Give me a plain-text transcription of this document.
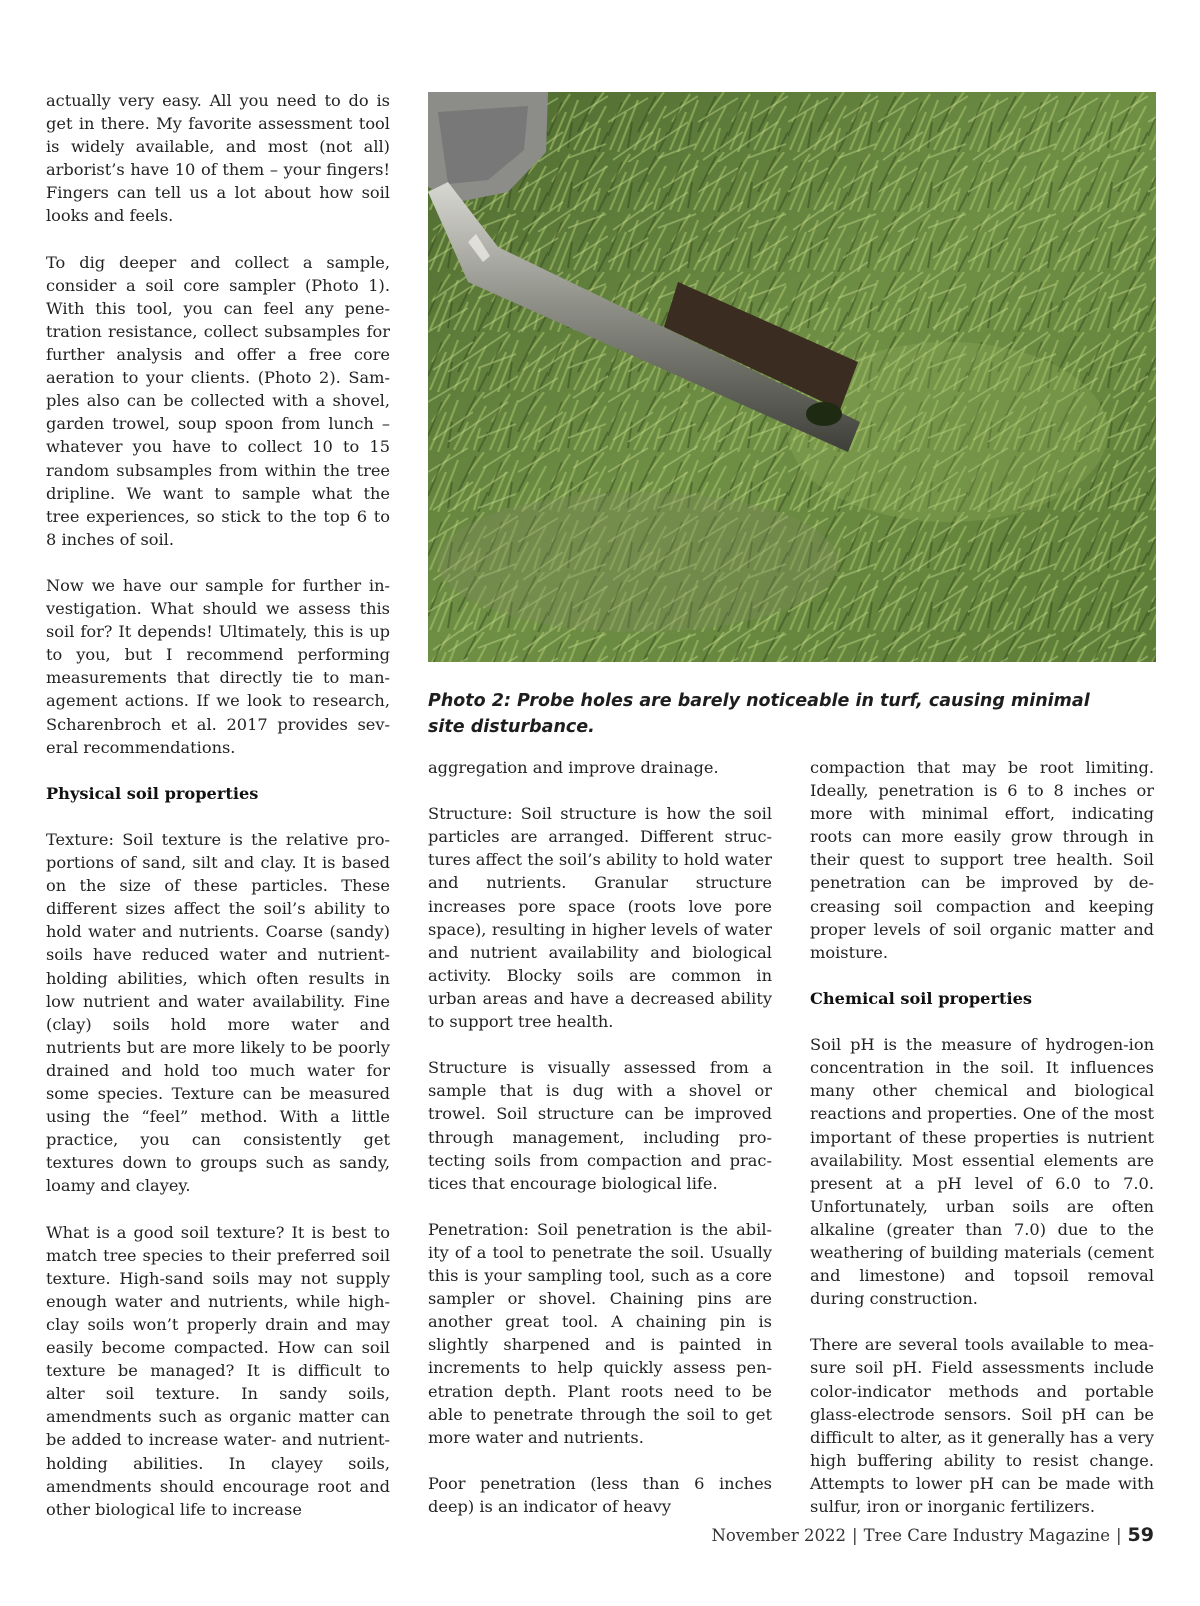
actually very easy. All you need to do is get in there. My favorite assessment tool is widely available, and most (not all) arborist’s have 10 of them – your fingers! Fingers can tell us a lot about how soil looks and feels.

To dig deeper and collect a sample, consider a soil core sampler (Photo 1). With this tool, you can feel any penetration resistance, collect subsamples for further analysis and offer a free core aeration to your clients. (Photo 2). Samples also can be collected with a shovel, garden trowel, soup spoon from lunch – whatever you have to collect 10 to 15 random subsamples from within the tree dripline. We want to sample what the tree experiences, so stick to the top 6 to 8 inches of soil.

Now we have our sample for further investigation. What should we assess this soil for? It depends! Ultimately, this is up to you, but I recommend performing measurements that directly tie to management actions. If we look to research, Scharenbroch et al. 2017 provides several recommendations.

Physical soil properties

Texture: Soil texture is the relative proportions of sand, silt and clay. It is based on the size of these particles. These different sizes affect the soil’s ability to hold water and nutrients. Coarse (sandy) soils have reduced water and nutrient-holding abilities, which often results in low nutrient and water availability. Fine (clay) soils hold more water and nutrients but are more likely to be poorly drained and hold too much water for some species. Texture can be measured using the “feel” method. With a little practice, you can consistently get textures down to groups such as sandy, loamy and clayey.

What is a good soil texture? It is best to match tree species to their preferred soil texture. High-sand soils may not supply enough water and nutrients, while high-clay soils won’t properly drain and may easily become compacted. How can soil texture be managed? It is difficult to alter soil texture. In sandy soils, amendments such as organic matter can be added to increase water- and nutrient-holding abilities. In clayey soils, amendments should encourage root and other biological life to increase

Photo 2: Probe holes are barely noticeable in turf, causing minimal site disturbance.

aggregation and improve drainage.

Structure: Soil structure is how the soil particles are arranged. Different structures affect the soil’s ability to hold water and nutrients. Granular structure increases pore space (roots love pore space), resulting in higher levels of water and nutrient availability and biological activity. Blocky soils are common in urban areas and have a decreased ability to support tree health.

Structure is visually assessed from a sample that is dug with a shovel or trowel. Soil structure can be improved through management, including protecting soils from compaction and practices that encourage biological life.

Penetration: Soil penetration is the ability of a tool to penetrate the soil. Usually this is your sampling tool, such as a core sampler or shovel. Chaining pins are another great tool. A chaining pin is slightly sharpened and is painted in increments to help quickly assess penetration depth. Plant roots need to be able to penetrate through the soil to get more water and nutrients.

Poor penetration (less than 6 inches deep) is an indicator of heavy

compaction that may be root limiting. Ideally, penetration is 6 to 8 inches or more with minimal effort, indicating roots can more easily grow through in their quest to support tree health. Soil penetration can be improved by decreasing soil compaction and keeping proper levels of soil organic matter and moisture.

Chemical soil properties

Soil pH is the measure of hydrogen-ion concentration in the soil. It influences many other chemical and biological reactions and properties. One of the most important of these properties is nutrient availability. Most essential elements are present at a pH level of 6.0 to 7.0. Unfortunately, urban soils are often alkaline (greater than 7.0) due to the weathering of building materials (cement and limestone) and topsoil removal during construction.

There are several tools available to measure soil pH. Field assessments include color-indicator methods and portable glass-electrode sensors. Soil pH can be difficult to alter, as it generally has a very high buffering ability to resist change. Attempts to lower pH can be made with sulfur, iron or inorganic fertilizers.

November 2022 | Tree Care Industry Magazine | 59
